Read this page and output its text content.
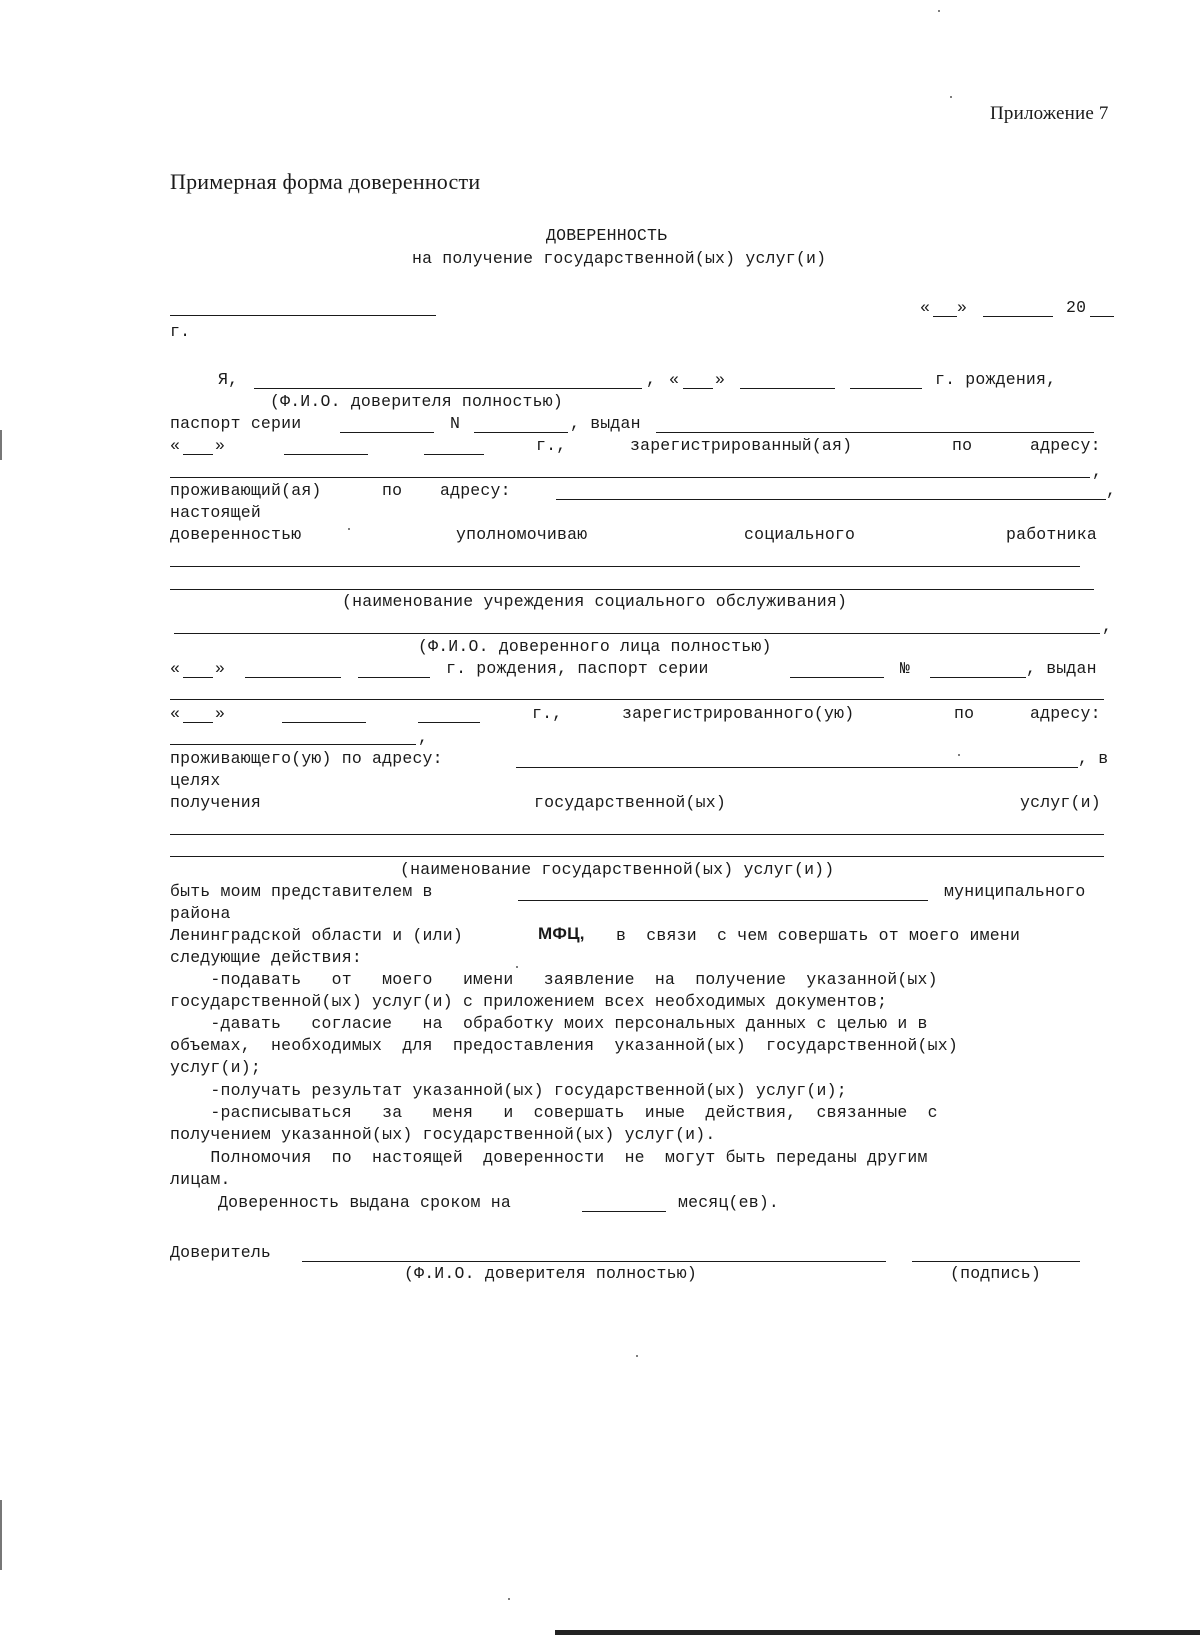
Приложение 7
Примерная форма доверенности
ДОВЕРЕННОСТЬ
на получение государственной(ых) услуг(и)
« »	20
г.
Я,	, « »	г. рождения,
(Ф.И.О. доверителя полностью)
паспорт серии	N	, выдан
« »	г.,	зарегистрированный(ая)	по	адресу:
,
проживающий(ая)	по адресу:	,
настоящей
доверенностью	уполномочиваю	социального	работника
(наименование учреждения социального обслуживания)
,
(Ф.И.О. доверенного лица полностью)
« »	г. рождения, паспорт серии	№	, выдан
« »	г.,	зарегистрированного(ую)	по	адресу:
,
проживающего(ую) по адресу:	, в
целях
получения	государственной(ых)	услуг(и)
(наименование государственной(ых) услуг(и))
быть моим представителем в	муниципального
района
Ленинградской области и (или)	МФЦ, в  связи  с чем совершать от моего имени
следующие действия:
-подавать   от   моего   имени   заявление  на  получение  указанной(ых)
государственной(ых) услуг(и) с приложением всех необходимых документов;
-давать   согласие   на  обработку моих персональных данных с целью и в
объемах,  необходимых  для  предоставления  указанной(ых)  государственной(ых)
услуг(и);
-получать результат указанной(ых) государственной(ых) услуг(и);
-расписываться   за   меня   и  совершать  иные  действия,  связанные  с
получением указанной(ых) государственной(ых) услуг(и).
Полномочия  по  настоящей  доверенности  не  могут быть переданы другим
лицам.
Доверенность выдана сроком на	месяц(ев).
Доверитель
(Ф.И.О. доверителя полностью)	(подпись)
